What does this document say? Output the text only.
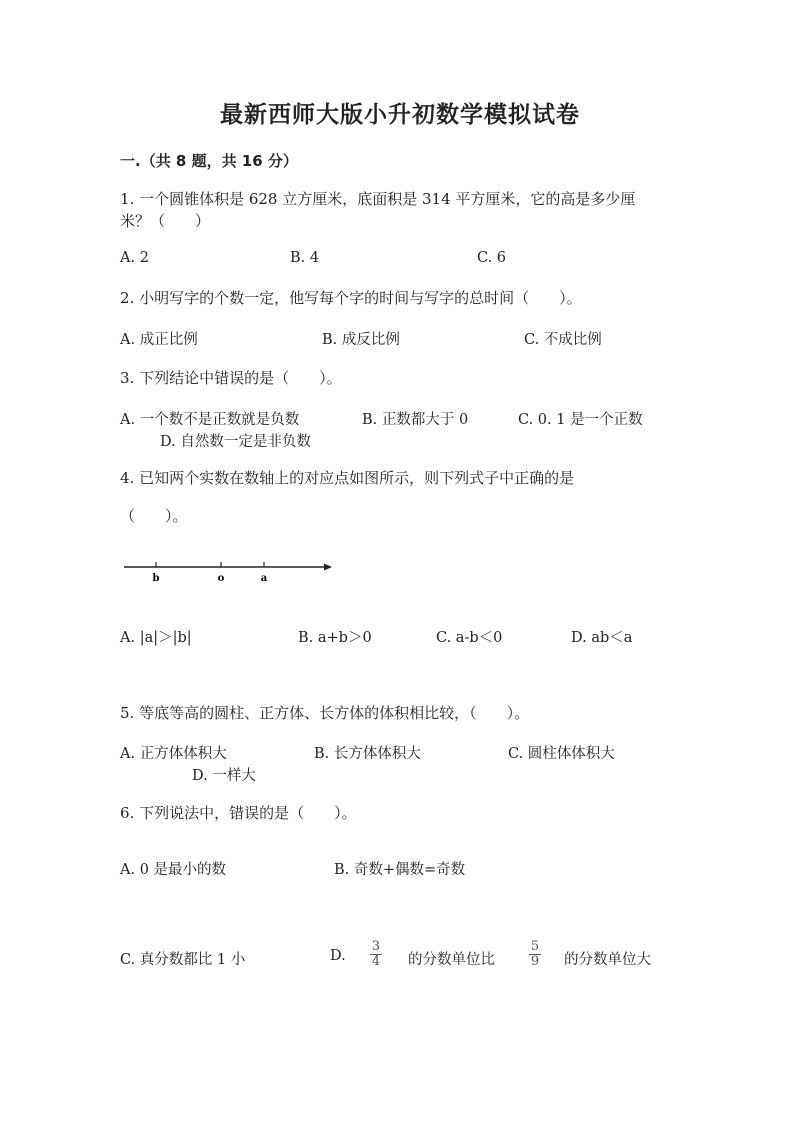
最新西师大版小升初数学模拟试卷
一.（共 8 题，共 16 分）
1. 一个圆锥体积是 628 立方厘米，底面积是 314 平方厘米，它的高是多少厘
米？（　　）
A. 2	B. 4	C. 6
2. 小明写字的个数一定，他写每个字的时间与写字的总时间（　　）。
A. 成正比例	B. 成反比例	C. 不成比例
3. 下列结论中错误的是（　　）。
A. 一个数不是正数就是负数	B. 正数都大于 0	C. 0. 1 是一个正数
D. 自然数一定是非负数
4. 已知两个实数在数轴上的对应点如图所示，则下列式子中正确的是
（　　）。
b	o	a
A. |a|＞|b|	B. a+b＞0	C. a-b＜0	D. ab＜a
5. 等底等高的圆柱、正方体、长方体的体积相比较，（　　）。
A. 正方体体积大	B. 长方体体积大	C. 圆柱体体积大
D. 一样大
6. 下列说法中，错误的是（　　）。
A. 0 是最小的数	B. 奇数+偶数=奇数
C. 真分数都比 1 小	D.
3
4	的分数单位比
5
9	的分数单位大
